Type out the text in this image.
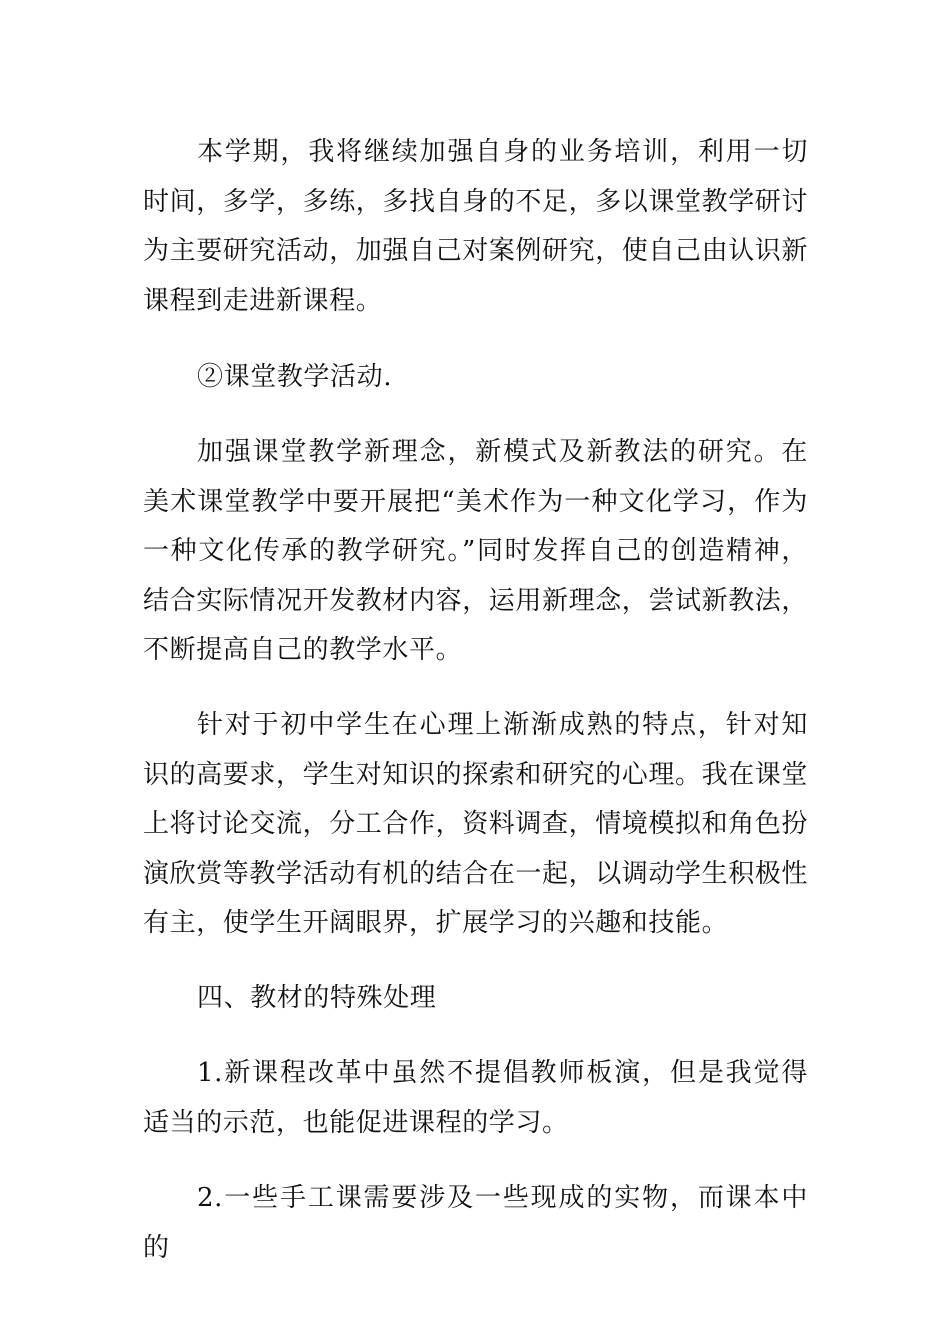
本学期，我将继续加强自身的业务培训，利用一切时间，多学，多练，多找自身的不足，多以课堂教学研讨为主要研究活动，加强自己对案例研究，使自己由认识新课程到走进新课程。

②课堂教学活动.

加强课堂教学新理念，新模式及新教法的研究。在美术课堂教学中要开展把“美术作为一种文化学习，作为一种文化传承的教学研究。”同时发挥自己的创造精神，结合实际情况开发教材内容，运用新理念，尝试新教法，不断提高自己的教学水平。

针对于初中学生在心理上渐渐成熟的特点，针对知识的高要求，学生对知识的探索和研究的心理。我在课堂上将讨论交流，分工合作，资料调查，情境模拟和角色扮演欣赏等教学活动有机的结合在一起，以调动学生积极性有主，使学生开阔眼界，扩展学习的兴趣和技能。

四、教材的特殊处理

1.新课程改革中虽然不提倡教师板演，但是我觉得适当的示范，也能促进课程的学习。

2.一些手工课需要涉及一些现成的实物，而课本中的
